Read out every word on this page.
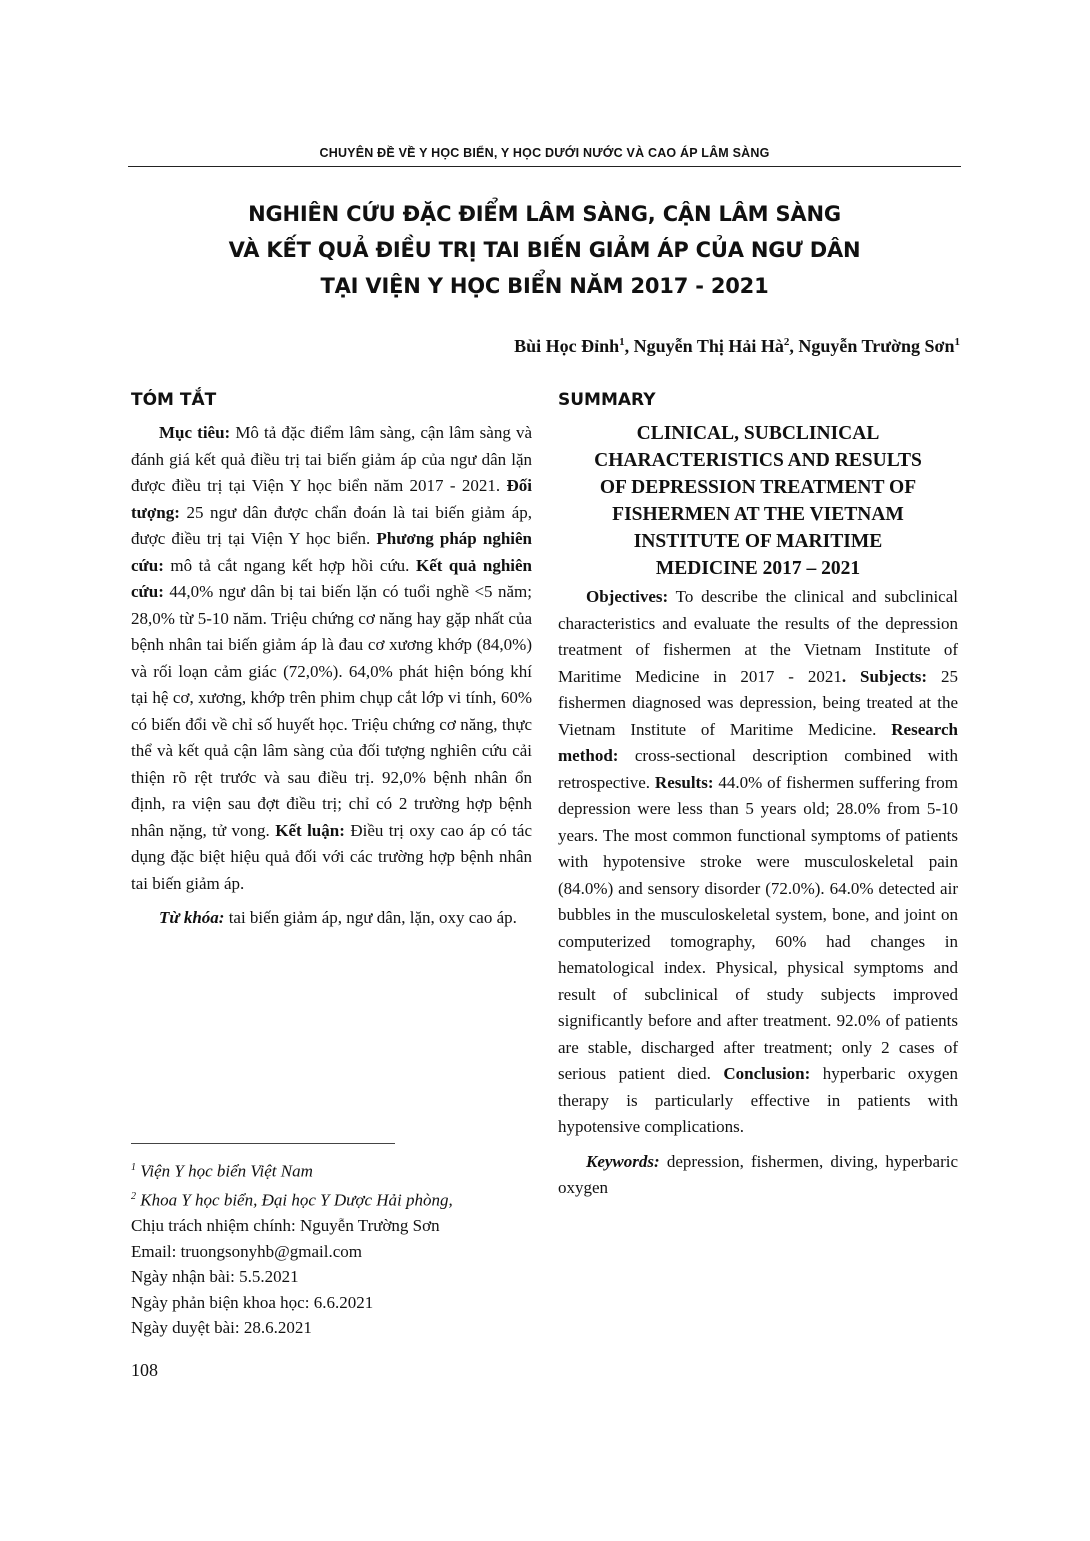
CHUYÊN ĐỀ VỀ Y HỌC BIỂN, Y HỌC DƯỚI NƯỚC VÀ CAO ÁP LÂM SÀNG
NGHIÊN CỨU ĐẶC ĐIỂM LÂM SÀNG, CẬN LÂM SÀNG
VÀ KẾT QUẢ ĐIỀU TRỊ TAI BIẾN GIẢM ÁP CỦA NGƯ DÂN
TẠI VIỆN Y HỌC BIỂN NĂM 2017 - 2021
Bùi Học Đỉnh$^1$, Nguyễn Thị Hải $Hà^2$, Nguyễn Trường Sơn$^1$
TÓM TẮT

Mục tiêu: Mô tả đặc điểm lâm sàng, cận lâm sàng và đánh giá kết quả điều trị tai biến giảm áp của ngư dân lặn được điều trị tại Viện Y học biển năm 2017 - 2021. Đối tượng: 25 ngư dân được chẩn đoán là tai biến giảm áp, được điều trị tại Viện Y học biển. Phương pháp nghiên cứu: mô tả cắt ngang kết hợp hồi cứu. Kết quả nghiên cứu: 44,0% ngư dân bị tai biến lặn có tuổi nghề <5 năm; 28,0% từ 5-10 năm. Triệu chứng cơ năng hay gặp nhất của bệnh nhân tai biến giảm áp là đau cơ xương khớp (84,0%) và rối loạn cảm giác (72,0%). 64,0% phát hiện bóng khí tại hệ cơ, xương, khớp trên phim chụp cắt lớp vi tính, 60% có biến đổi về chỉ số huyết học. Triệu chứng cơ năng, thực thể và kết quả cận lâm sàng của đối tượng nghiên cứu cải thiện rõ rệt trước và sau điều trị. 92,0% bệnh nhân ổn định, ra viện sau đợt điều trị; chỉ có 2 trường hợp bệnh nhân nặng, tử vong. Kết luận: Điều trị oxy cao áp có tác dụng đặc biệt hiệu quả đối với các trường hợp bệnh nhân tai biến giảm áp.

Từ khóa: tai biến giảm áp, ngư dân, lặn, oxy cao áp.

SUMMARY
CLINICAL, SUBCLINICAL
CHARACTERISTICS AND RESULTS
OF DEPRESSION TREATMENT OF
FISHERMEN AT THE VIETNAM
INSTITUTE OF MARITIME
MEDICINE 2017 – 2021

Objectives: To describe the clinical and subclinical characteristics and evaluate the results of the depression treatment of fishermen at the Vietnam Institute of Maritime Medicine in 2017 - 2021. Subjects: 25 fishermen diagnosed was depression, being treated at the Vietnam Institute of Maritime Medicine. Research method: cross-sectional description combined with retrospective. Results: 44.0% of fishermen suffering from depression were less than 5 years old; 28.0% from 5-10 years. The most common functional symptoms of patients with hypotensive stroke were musculoskeletal pain (84.0%) and sensory disorder (72.0%). 64.0% detected air bubbles in the musculoskeletal system, bone, and joint on computerized tomography, 60% had changes in hematological index. Physical, physical symptoms and result of subclinical of study subjects improved significantly before and after treatment. 92.0% of patients are stable, discharged after treatment; only 2 cases of serious patient died. Conclusion: hyperbaric oxygen therapy is particularly effective in patients with hypotensive complications.

Keywords: depression, fishermen, diving, hyperbaric oxygen

$^1$ Viện Y học biển Việt Nam
$^2$ Khoa Y học biển, Đại học Y Dược Hải phòng,
Chịu trách nhiệm chính: Nguyễn Trường Sơn
Email: truongsonyhb@gmail.com
Ngày nhận bài: 5.5.2021
Ngày phản biện khoa học: 6.6.2021
Ngày duyệt bài: 28.6.2021
108
